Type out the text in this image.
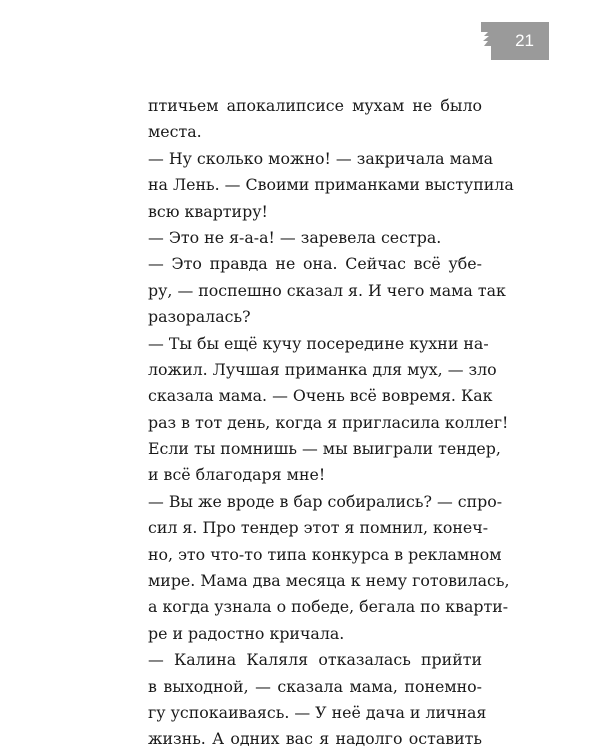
21
птичьем апокалипсисе мухам не было
места.
— Ну сколько можно! — закричала мама
на Лень. — Своими приманками выступила
всю квартиру!
— Это не я-а-а! — заревела сестра.
— Это правда не она. Сейчас всё убе-
ру, — поспешно сказал я. И чего мама так
разоралась?
— Ты бы ещё кучу посередине кухни на-
ложил. Лучшая приманка для мух, — зло
сказала мама. — Очень всё вовремя. Как
раз в тот день, когда я пригласила коллег!
Если ты помнишь — мы выиграли тендер,
и всё благодаря мне!
— Вы же вроде в бар собирались? — спро-
сил я. Про тендер этот я помнил, конеч-
но, это что-то типа конкурса в рекламном
мире. Мама два месяца к нему готовилась,
а когда узнала о победе, бегала по кварти-
ре и радостно кричала.
— Калина Каляля отказалась прийти
в выходной, — сказала мама, понемно-
гу успокаиваясь. — У неё дача и личная
жизнь. А одних вас я надолго оставить
